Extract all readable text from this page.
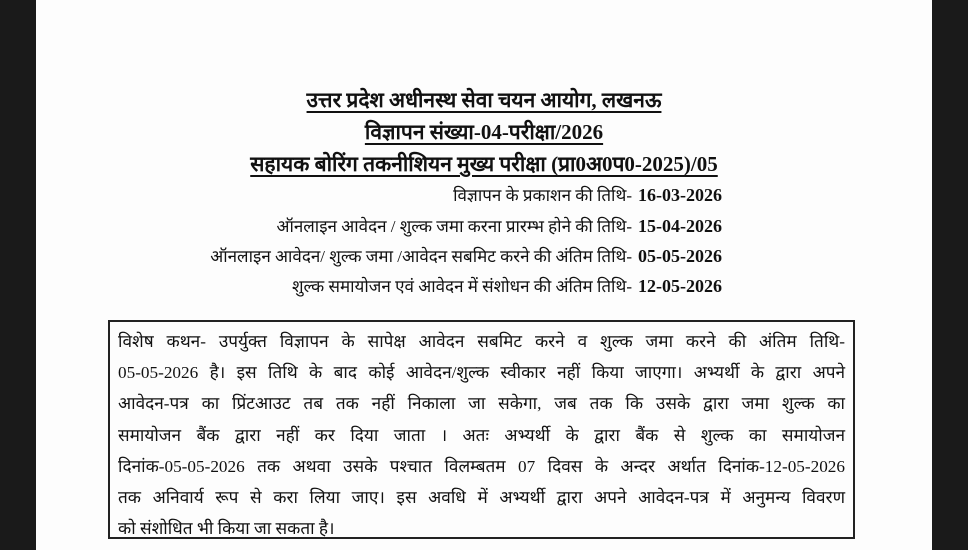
उत्तर प्रदेश अधीनस्थ सेवा चयन आयोग, लखनऊ
विज्ञापन संख्या-04-परीक्षा/2026
सहायक बोरिंग तकनीशियन मुख्य परीक्षा (प्रा0अ0प0-2025)/05
विज्ञापन के प्रकाशन की तिथि- 16-03-2026
ऑनलाइन आवेदन / शुल्क जमा करना प्रारम्भ होने की तिथि- 15-04-2026
ऑनलाइन आवेदन/ शुल्क जमा /आवेदन सबमिट करने की अंतिम तिथि- 05-05-2026
शुल्क समायोजन एवं आवेदन में संशोधन की अंतिम तिथि- 12-05-2026
विशेष कथन- उपर्युक्त विज्ञापन के सापेक्ष आवेदन सबमिट करने व शुल्क जमा करने की अंतिम तिथि-
05-05-2026 है। इस तिथि के बाद कोई आवेदन/शुल्क स्वीकार नहीं किया जाएगा। अभ्यर्थी के द्वारा अपने
आवेदन-पत्र का प्रिंटआउट तब तक नहीं निकाला जा सकेगा, जब तक कि उसके द्वारा जमा शुल्क का
समायोजन बैंक द्वारा नहीं कर दिया जाता । अतः अभ्यर्थी के द्वारा बैंक से शुल्क का समायोजन
दिनांक-05-05-2026 तक अथवा उसके पश्चात विलम्बतम 07 दिवस के अन्दर अर्थात दिनांक-12-05-2026
तक अनिवार्य रूप से करा लिया जाए। इस अवधि में अभ्यर्थी द्वारा अपने आवेदन-पत्र में अनुमन्य विवरण
को संशोधित भी किया जा सकता है।
